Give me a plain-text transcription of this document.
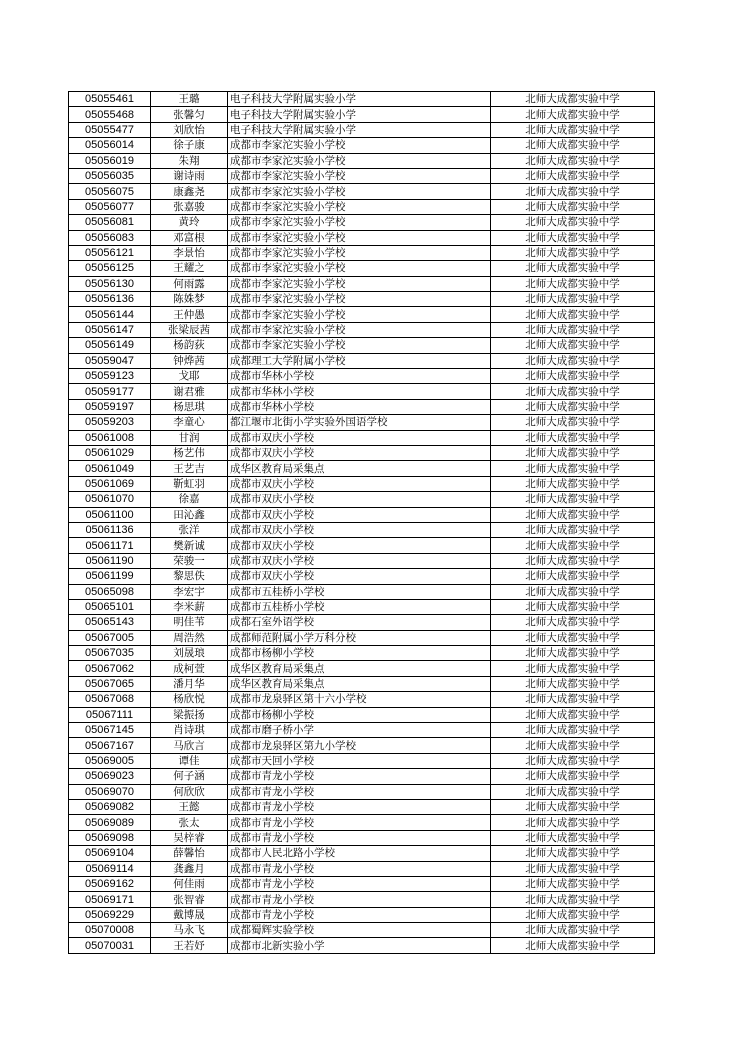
05055461	王璐	电子科技大学附属实验小学	北师大成都实验中学
05055468	张馨匀	电子科技大学附属实验小学	北师大成都实验中学
05055477	刘欣怡	电子科技大学附属实验小学	北师大成都实验中学
05056014	徐子康	成都市李家沱实验小学校	北师大成都实验中学
05056019	朱翔	成都市李家沱实验小学校	北师大成都实验中学
05056035	谢诗雨	成都市李家沱实验小学校	北师大成都实验中学
05056075	康鑫尧	成都市李家沱实验小学校	北师大成都实验中学
05056077	张嘉骏	成都市李家沱实验小学校	北师大成都实验中学
05056081	黄玲	成都市李家沱实验小学校	北师大成都实验中学
05056083	邓富根	成都市李家沱实验小学校	北师大成都实验中学
05056121	李景怡	成都市李家沱实验小学校	北师大成都实验中学
05056125	王耀之	成都市李家沱实验小学校	北师大成都实验中学
05056130	何雨露	成都市李家沱实验小学校	北师大成都实验中学
05056136	陈姝梦	成都市李家沱实验小学校	北师大成都实验中学
05056144	王仲愚	成都市李家沱实验小学校	北师大成都实验中学
05056147	张梁辰茜	成都市李家沱实验小学校	北师大成都实验中学
05056149	杨韵荻	成都市李家沱实验小学校	北师大成都实验中学
05059047	钟烨茜	成都理工大学附属小学校	北师大成都实验中学
05059123	戈耶	成都市华林小学校	北师大成都实验中学
05059177	谢君雅	成都市华林小学校	北师大成都实验中学
05059197	杨思琪	成都市华林小学校	北师大成都实验中学
05059203	李童心	都江堰市北街小学实验外国语学校	北师大成都实验中学
05061008	甘润	成都市双庆小学校	北师大成都实验中学
05061029	杨艺伟	成都市双庆小学校	北师大成都实验中学
05061049	王艺吉	成华区教育局采集点	北师大成都实验中学
05061069	靳虹羽	成都市双庆小学校	北师大成都实验中学
05061070	徐嘉	成都市双庆小学校	北师大成都实验中学
05061100	田沁鑫	成都市双庆小学校	北师大成都实验中学
05061136	张洋	成都市双庆小学校	北师大成都实验中学
05061171	樊新诚	成都市双庆小学校	北师大成都实验中学
05061190	荣骏一	成都市双庆小学校	北师大成都实验中学
05061199	黎思佚	成都市双庆小学校	北师大成都实验中学
05065098	李宏宇	成都市五桂桥小学校	北师大成都实验中学
05065101	李米薪	成都市五桂桥小学校	北师大成都实验中学
05065143	明佳苇	成都石室外语学校	北师大成都实验中学
05067005	周浩然	成都师范附属小学万科分校	北师大成都实验中学
05067035	刘晟琅	成都市杨柳小学校	北师大成都实验中学
05067062	成柯萱	成华区教育局采集点	北师大成都实验中学
05067065	潘月华	成华区教育局采集点	北师大成都实验中学
05067068	杨欣悦	成都市龙泉驿区第十六小学校	北师大成都实验中学
05067111	梁振扬	成都市杨柳小学校	北师大成都实验中学
05067145	肖诗琪	成都市磨子桥小学	北师大成都实验中学
05067167	马欣言	成都市龙泉驿区第九小学校	北师大成都实验中学
05069005	谭佳	成都市天回小学校	北师大成都实验中学
05069023	何子涵	成都市青龙小学校	北师大成都实验中学
05069070	何欣欣	成都市青龙小学校	北师大成都实验中学
05069082	王懿	成都市青龙小学校	北师大成都实验中学
05069089	张太	成都市青龙小学校	北师大成都实验中学
05069098	吴梓睿	成都市青龙小学校	北师大成都实验中学
05069104	薛馨怡	成都市人民北路小学校	北师大成都实验中学
05069114	龚鑫月	成都市青龙小学校	北师大成都实验中学
05069162	何佳雨	成都市青龙小学校	北师大成都实验中学
05069171	张智睿	成都市青龙小学校	北师大成都实验中学
05069229	戴博晟	成都市青龙小学校	北师大成都实验中学
05070008	马永飞	成都蜀辉实验学校	北师大成都实验中学
05070031	王若妤	成都市北新实验小学	北师大成都实验中学
